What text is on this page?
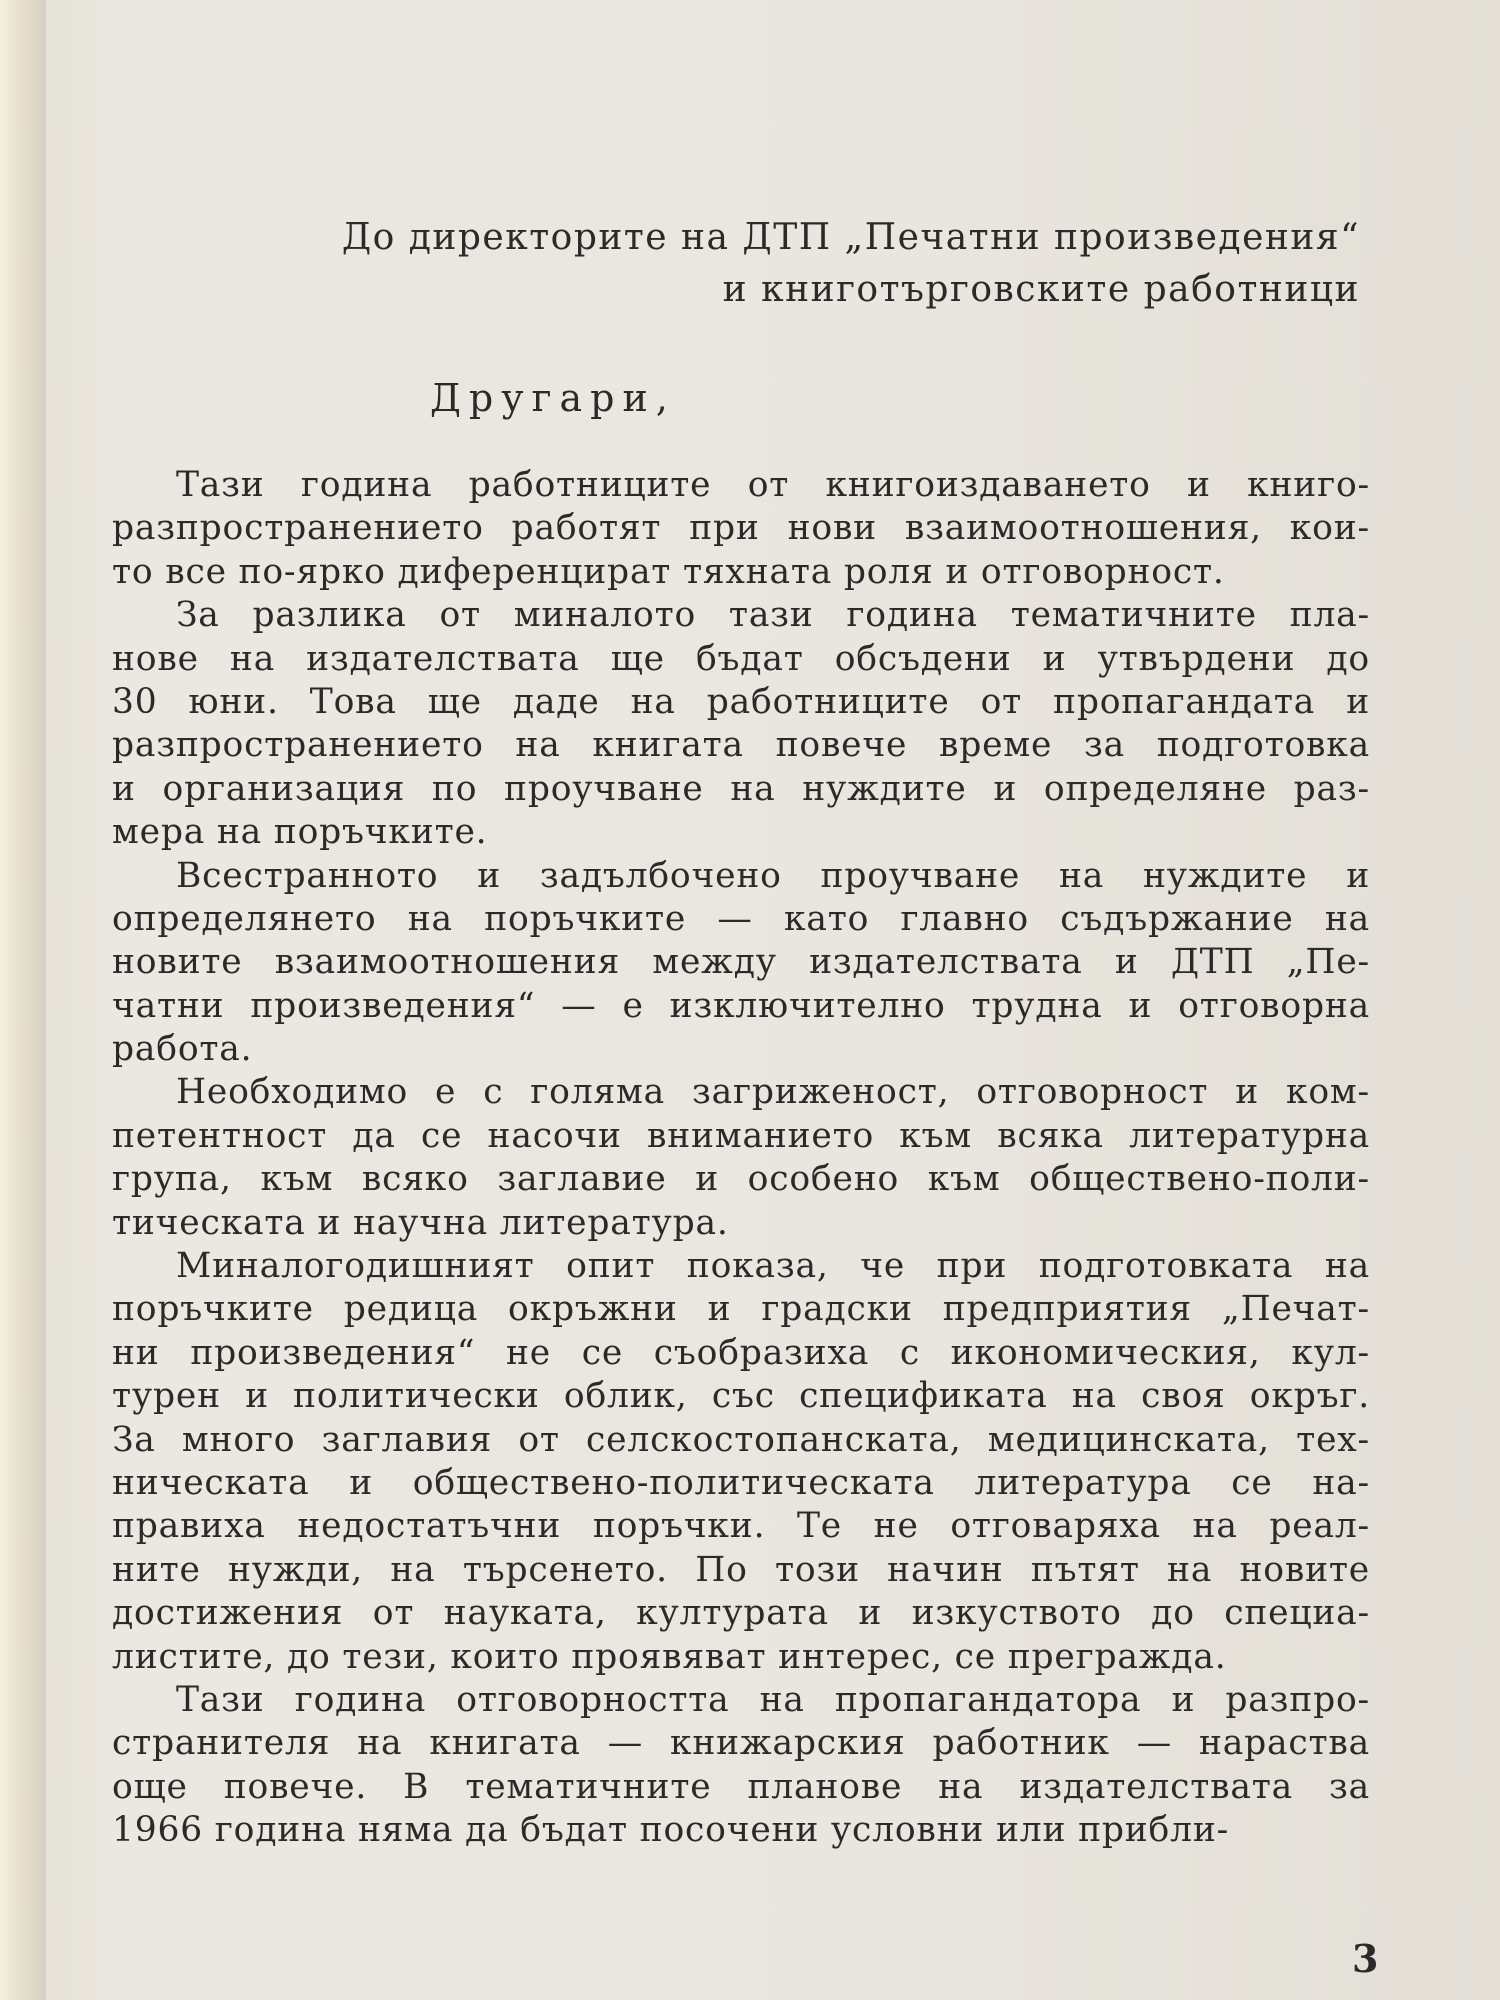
До директорите на ДТП „Печатни произведения“
и книготърговските работници
Другари,
Тази година работниците от книгоиздаването и книго-
разпространението работят при нови взаимоотношения, кои-
то все по-ярко диференцират тяхната роля и отговорност.
За разлика от миналото тази година тематичните пла-
нове на издателствата ще бъдат обсъдени и утвърдени до
30 юни. Това ще даде на работниците от пропагандата и
разпространението на книгата повече време за подготовка
и организация по проучване на нуждите и определяне раз-
мера на поръчките.
Всестранното и задълбочено проучване на нуждите и
определянето на поръчките — като главно съдържание на
новите взаимоотношения между издателствата и ДТП „Пе-
чатни произведения“ — е изключително трудна и отговорна
работа.
Необходимо е с голяма загриженост, отговорност и ком-
петентност да се насочи вниманието към всяка литературна
група, към всяко заглавие и особено към обществено-поли-
тическата и научна литература.
Миналогодишният опит показа, че при подготовката на
поръчките редица окръжни и градски предприятия „Печат-
ни произведения“ не се съобразиха с икономическия, кул-
турен и политически облик, със спецификата на своя окръг.
За много заглавия от селскостопанската, медицинската, тех-
ническата и обществено-политическата литература се на-
правиха недостатъчни поръчки. Те не отговаряха на реал-
ните нужди, на търсенето. По този начин пътят на новите
достижения от науката, културата и изкуството до специа-
листите, до тези, които проявяват интерес, се преграждa.
Тази година отговорността на пропагандатора и разпро-
странителя на книгата — книжарския работник — нараства
още повече. В тематичните планове на издателствата за
1966 година няма да бъдат посочени условни или прибли-
3
